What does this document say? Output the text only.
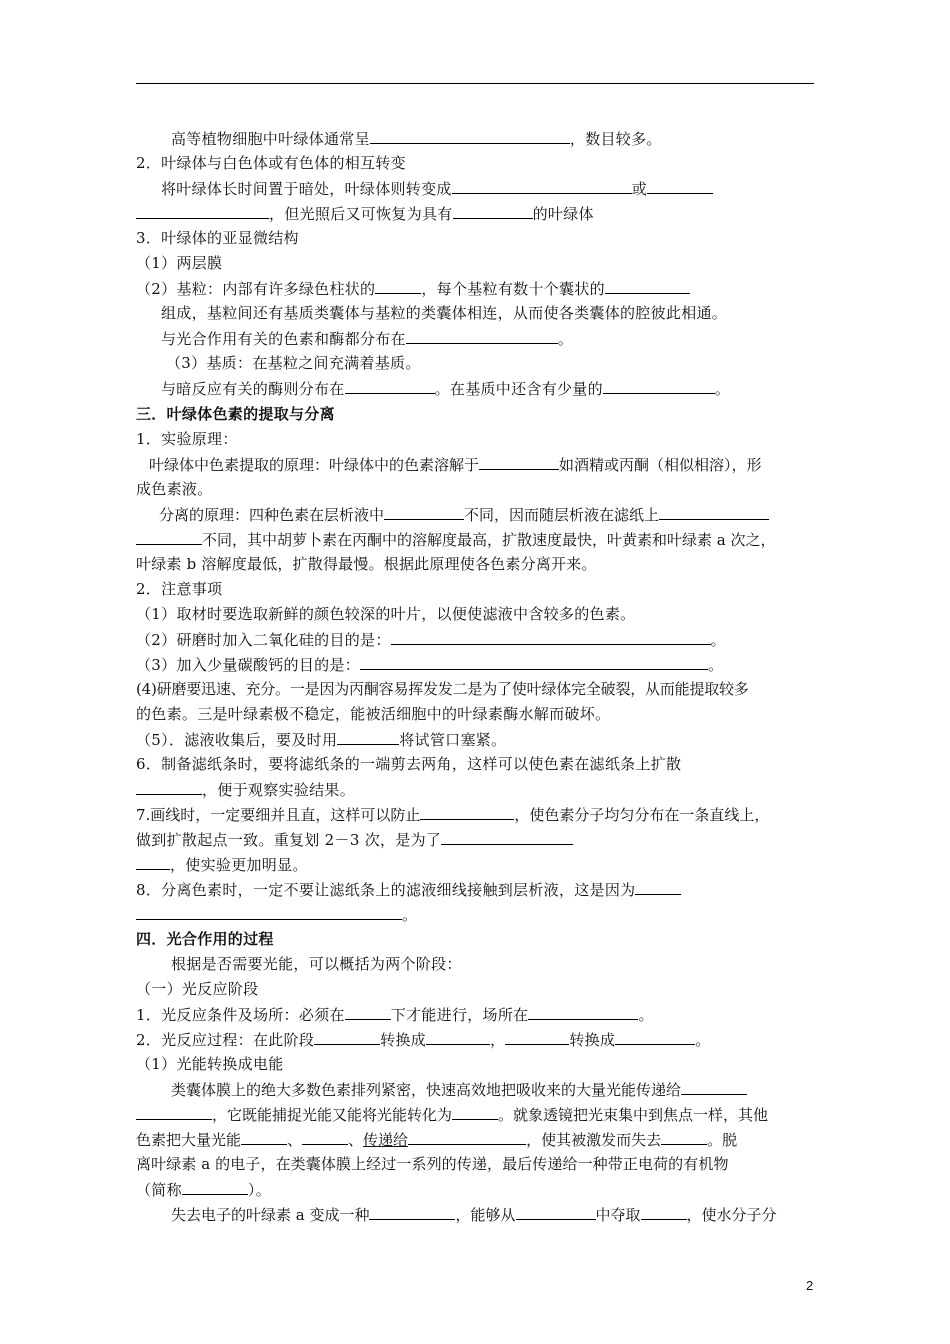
高等植物细胞中叶绿体通常呈	，数目较多。
2．叶绿体与白色体或有色体的相互转变
将叶绿体长时间置于暗处，叶绿体则转变成	或
，但光照后又可恢复为具有	的叶绿体
3．叶绿体的亚显微结构
（1）两层膜
（2）基粒：内部有许多绿色柱状的	，每个基粒有数十个囊状的
组成，基粒间还有基质类囊体与基粒的类囊体相连，从而使各类囊体的腔彼此相通。
与光合作用有关的色素和酶都分布在	。
（3）基质：在基粒之间充满着基质。
与暗反应有关的酶则分布在	。在基质中还含有少量的	。
三．叶绿体色素的提取与分离
1．实验原理：
叶绿体中色素提取的原理：叶绿体中的色素溶解于	如酒精或丙酮（相似相溶），形
成色素液。
分离的原理：四种色素在层析液中	不同，因而随层析液在滤纸上
不同，其中胡萝卜素在丙酮中的溶解度最高，扩散速度最快，叶黄素和叶绿素 a 次之，
叶绿素 b 溶解度最低，扩散得最慢。根据此原理使各色素分离开来。
2．注意事项
（1）取材时要选取新鲜的颜色较深的叶片，以便使滤液中含较多的色素。
（2）研磨时加入二氧化硅的目的是：	。
（3）加入少量碳酸钙的目的是：	。
(4)研磨要迅速、充分。一是因为丙酮容易挥发发二是为了使叶绿体完全破裂，从而能提取较多
的色素。三是叶绿素极不稳定，能被活细胞中的叶绿素酶水解而破坏。
（5）．滤液收集后，要及时用	将试管口塞紧。
6．制备滤纸条时，要将滤纸条的一端剪去两角，这样可以使色素在滤纸条上扩散
，便于观察实验结果。
7.画线时，一定要细并且直，这样可以防止	，使色素分子均匀分布在一条直线上，
做到扩散起点一致。重复划 2－3 次，是为了
，使实验更加明显。
8．分离色素时，一定不要让滤纸条上的滤液细线接触到层析液，这是因为
。
四．光合作用的过程
根据是否需要光能，可以概括为两个阶段：
（一）光反应阶段
1．光反应条件及场所：必须在	下才能进行，场所在	。
2．光反应过程：在此阶段	转换成	，	转换成	。
（1）光能转换成电能
类囊体膜上的绝大多数色素排列紧密，快速高效地把吸收来的大量光能传递给
，它既能捕捉光能又能将光能转化为	。就象透镜把光束集中到焦点一样，其他
色素把大量光能	、	、传递给	，使其被激发而失去	。脱
离叶绿素 a 的电子，在类囊体膜上经过一系列的传递，最后传递给一种带正电荷的有机物
（简称	）。
失去电子的叶绿素 a 变成一种	，能够从	中夺取	，使水分子分
2
